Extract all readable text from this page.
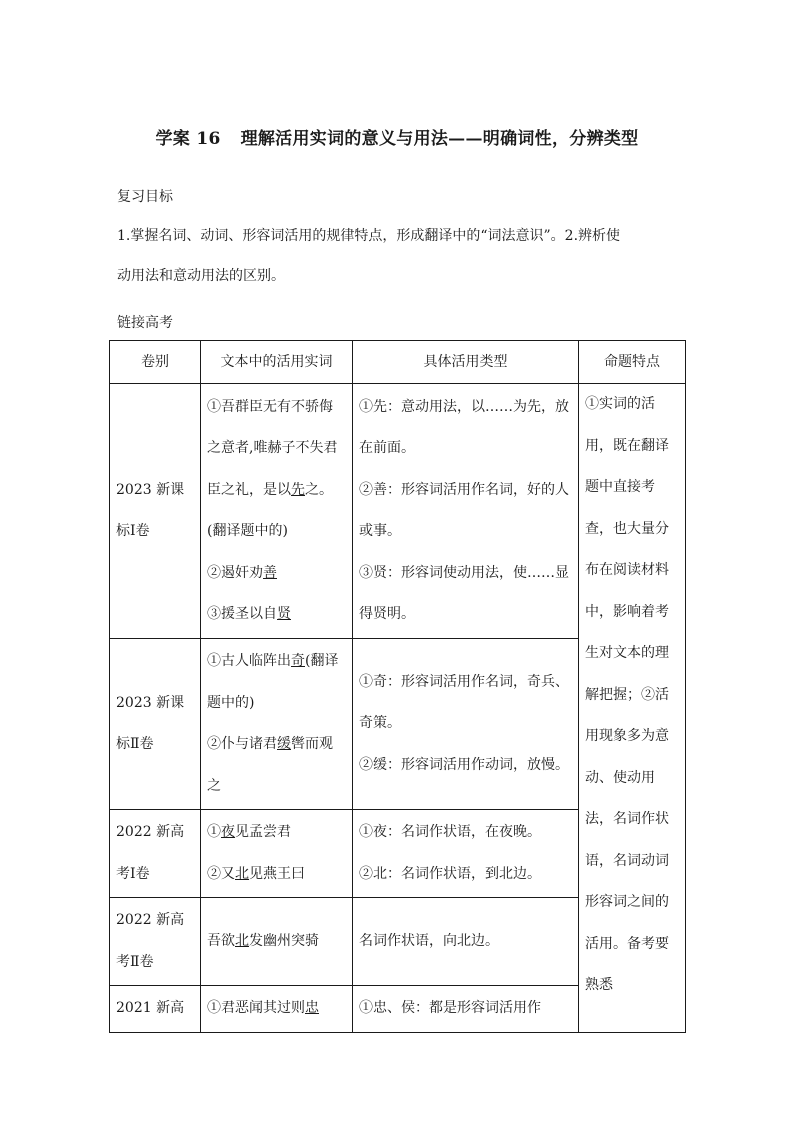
学案 16 理解活用实词的意义与用法——明确词性，分辨类型
复习目标
1.掌握名词、动词、形容词活用的规律特点，形成翻译中的“词法意识”。2.辨析使
动用法和意动用法的区别。
链接高考
卷别	文本中的活用实词	具体活用类型	命题特点
2023 新课标Ⅰ卷	①吾群臣无有不骄侮之意者,唯赫子不失君臣之礼，是以先之。(翻译题中的)
②遏奸劝善
③援圣以自贤	①先：意动用法，以……为先，放在前面。
②善：形容词活用作名词，好的人或事。
③贤：形容词使动用法，使……显得贤明。	①实词的活用，既在翻译题中直接考查，也大量分布在阅读材料中，影响着考生对文本的理解把握；②活用现象多为意动、使动用法，名词作状语，名词动词形容词之间的活用。备考要熟悉
2023 新课标Ⅱ卷	①古人临阵出奇(翻译题中的)
②仆与诸君缓辔而观之	①奇：形容词活用作名词，奇兵、奇策。
②缓：形容词活用作动词，放慢。	

2022 新高考Ⅰ卷	①夜见孟尝君
②又北见燕王曰	①夜：名词作状语，在夜晚。
②北：名词作状语，到北边。	

2022 新高考Ⅱ卷	吾欲北发幽州突骑	名词作状语，向北边。	

2021 新高	①君恶闻其过则忠	①忠、侯：都是形容词活用作	
